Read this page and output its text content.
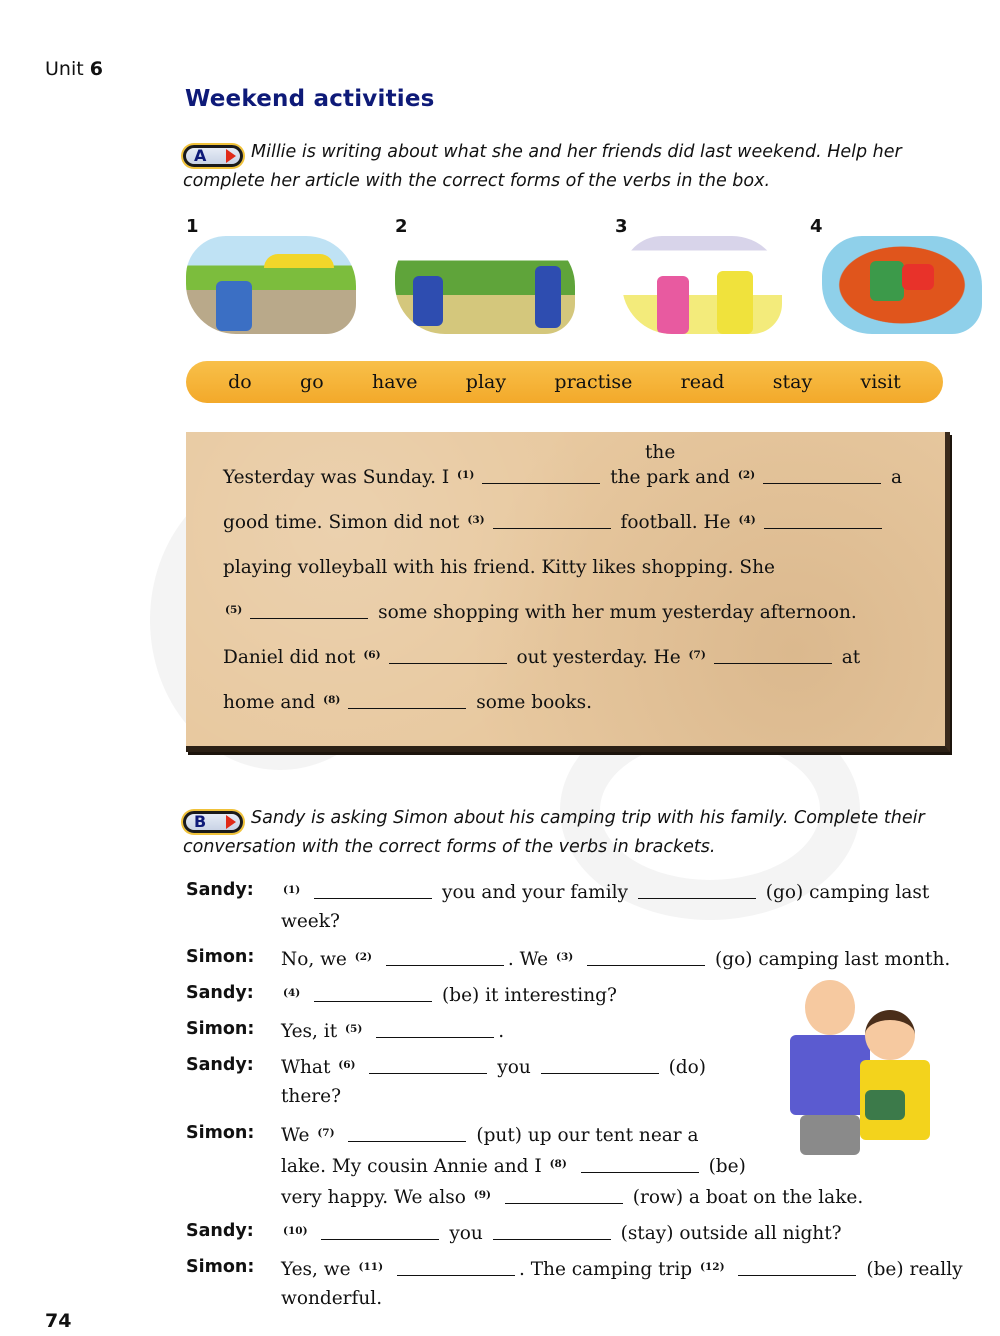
Unit 6
Weekend activities
A	Millie is writing about what she and her friends did last weekend. Help her complete her article with the correct forms of the verbs in the box.
1	2	3	4
do	go	have	play	practise	read	stay	visit
the
Yesterday was Sunday. I $^{(1)}$	the park and $^{(2)}$	a
good time. Simon did not $^{(3)}$	football. He $^{(4)}$
playing volleyball with his friend. Kitty likes shopping. She
$^{(5)}$	some shopping with her mum yesterday afternoon.
Daniel did not $^{(6)}$	out yesterday. He $^{(7)}$	at
home and $^{(8)}$	some books.
B	Sandy is asking Simon about his camping trip with his family. Complete their conversation with the correct forms of the verbs in brackets.
Sandy:	$^{(1)}$	you and your family	(go) camping last
week?
Simon: No, we $^{(2)}$	. We $^{(3)}$	(go) camping last month.
Sandy:	$^{(4)}$	(be) it interesting?
Simon: Yes, it $^{(5)}$	.
Sandy: What $^{(6)}$	you	(do)
there?
Simon: We $^{(7)}$	(put) up our tent near a
lake. My cousin Annie and I $^{(8)}$	(be)
very happy. We also $^{(9)}$	(row) a boat on the lake.
Sandy:	$^{(10)}$	you	(stay) outside all night?
Simon: Yes, we $^{(11)}$	. The camping trip $^{(12)}$	(be) really
wonderful.
74
